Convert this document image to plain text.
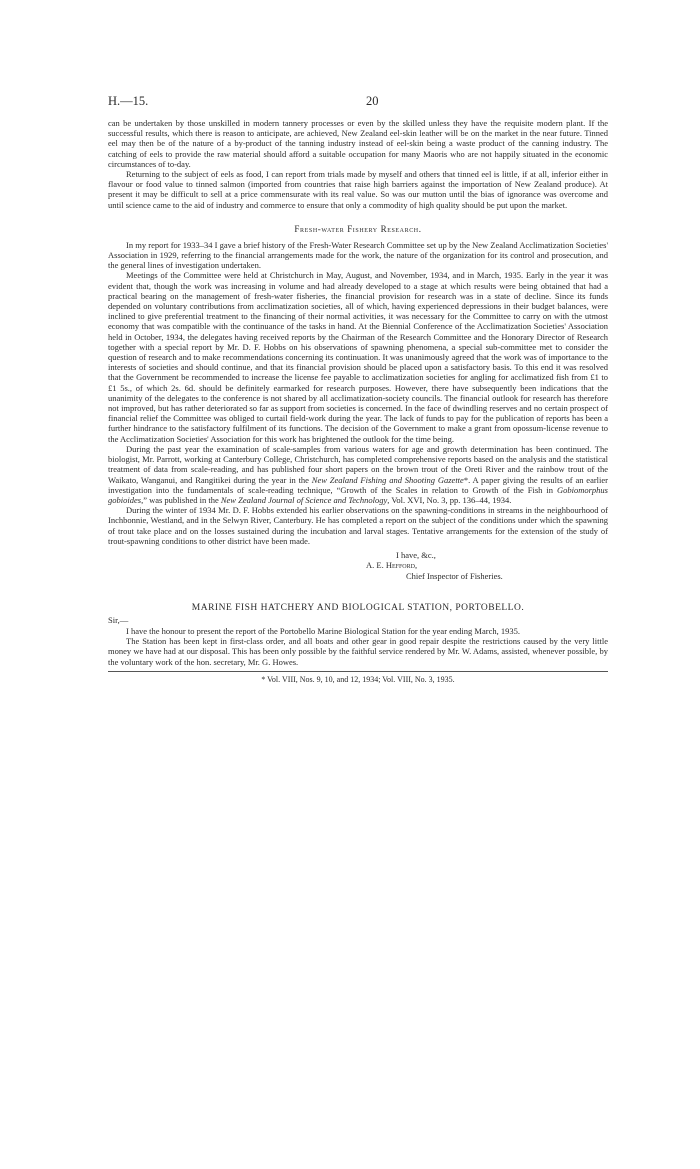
H.—15.	20

can be undertaken by those unskilled in modern tannery processes or even by the skilled unless they have the requisite modern plant. If the successful results, which there is reason to anticipate, are achieved, New Zealand eel-skin leather will be on the market in the near future. Tinned eel may then be of the nature of a by-product of the tanning industry instead of eel-skin being a waste product of the canning industry. The catching of eels to provide the raw material should afford a suitable occupation for many Maoris who are not happily situated in the economic circumstances of to-day.

Returning to the subject of eels as food, I can report from trials made by myself and others that tinned eel is little, if at all, inferior either in flavour or food value to tinned salmon (imported from countries that raise high barriers against the importation of New Zealand produce). At present it may be difficult to sell at a price commensurate with its real value. So was our mutton until the bias of ignorance was overcome and until science came to the aid of industry and commerce to ensure that only a commodity of high quality should be put upon the market.

Fresh-water Fishery Research.

In my report for 1933–34 I gave a brief history of the Fresh-Water Research Committee set up by the New Zealand Acclimatization Societies' Association in 1929, referring to the financial arrangements made for the work, the nature of the organization for its control and prosecution, and the general lines of investigation undertaken.

Meetings of the Committee were held at Christchurch in May, August, and November, 1934, and in March, 1935. Early in the year it was evident that, though the work was increasing in volume and had already developed to a stage at which results were being obtained that had a practical bearing on the management of fresh-water fisheries, the financial provision for research was in a state of decline. Since its funds depended on voluntary contributions from acclimatization societies, all of which, having experienced depressions in their budget balances, were inclined to give preferential treatment to the financing of their normal activities, it was necessary for the Committee to carry on with the utmost economy that was compatible with the continuance of the tasks in hand. At the Biennial Conference of the Acclimatization Societies' Association held in October, 1934, the delegates having received reports by the Chairman of the Research Committee and the Honorary Director of Research together with a special report by Mr. D. F. Hobbs on his observations of spawning phenomena, a special sub-committee met to consider the question of research and to make recommendations concerning its continuation. It was unanimously agreed that the work was of importance to the interests of societies and should continue, and that its financial provision should be placed upon a satisfactory basis. To this end it was resolved that the Government be recommended to increase the license fee payable to acclimatization societies for angling for acclimatized fish from £1 to £1 5s., of which 2s. 6d. should be definitely earmarked for research purposes. However, there have subsequently been indications that the unanimity of the delegates to the conference is not shared by all acclimatization-society councils. The financial outlook for research has therefore not improved, but has rather deteriorated so far as support from societies is concerned. In the face of dwindling reserves and no certain prospect of financial relief the Committee was obliged to curtail field-work during the year. The lack of funds to pay for the publication of reports has been a further hindrance to the satisfactory fulfilment of its functions. The decision of the Government to make a grant from opossum-license revenue to the Acclimatization Societies' Association for this work has brightened the outlook for the time being.

During the past year the examination of scale-samples from various waters for age and growth determination has been continued. The biologist, Mr. Parrott, working at Canterbury College, Christchurch, has completed comprehensive reports based on the analysis and the statistical treatment of data from scale-reading, and has published four short papers on the brown trout of the Oreti River and the rainbow trout of the Waikato, Wanganui, and Rangitikei during the year in the New Zealand Fishing and Shooting Gazette*. A paper giving the results of an earlier investigation into the fundamentals of scale-reading technique, “Growth of the Scales in relation to Growth of the Fish in Gobiomorphus gobioides,” was published in the New Zealand Journal of Science and Technology, Vol. XVI, No. 3, pp. 136–44, 1934.

During the winter of 1934 Mr. D. F. Hobbs extended his earlier observations on the spawning-conditions in streams in the neighbourhood of Inchbonnie, Westland, and in the Selwyn River, Canterbury. He has completed a report on the subject of the conditions under which the spawning of trout take place and on the losses sustained during the incubation and larval stages. Tentative arrangements for the extension of the study of trout-spawning conditions to other district have been made.

I have, &c.,
A. E. Hefford,
Chief Inspector of Fisheries.
MARINE FISH HATCHERY AND BIOLOGICAL STATION, PORTOBELLO.
Sir,—

I have the honour to present the report of the Portobello Marine Biological Station for the year ending March, 1935.

The Station has been kept in first-class order, and all boats and other gear in good repair despite the restrictions caused by the very little money we have had at our disposal. This has been only possible by the faithful service rendered by Mr. W. Adams, assisted, whenever possible, by the voluntary work of the hon. secretary, Mr. G. Howes.

* Vol. VIII, Nos. 9, 10, and 12, 1934; Vol. VIII, No. 3, 1935.
